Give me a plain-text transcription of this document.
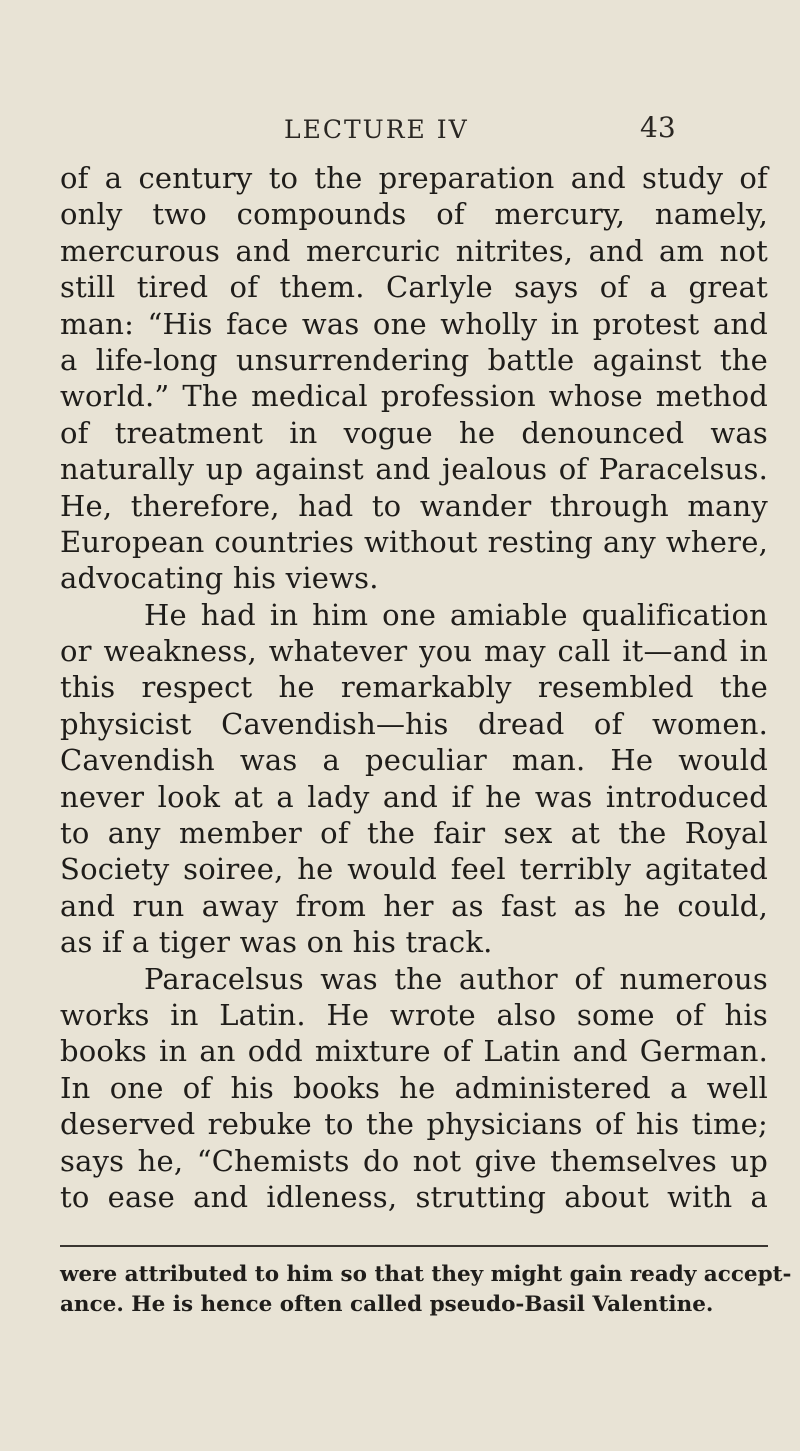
LECTURE IV	43
of a century to the preparation and study of
only two compounds of mercury, namely,
mercurous and mercuric nitrites, and am not
still tired of them. Carlyle says of a great
man: “His face was one wholly in protest and
a life-long unsurrendering battle against the
world.” The medical profession whose method
of treatment in vogue he denounced was
naturally up against and jealous of Paracelsus.
He, therefore, had to wander through many
European countries without resting any where,
advocating his views.
He had in him one amiable qualification
or weakness, whatever you may call it—and in
this respect he remarkably resembled the
physicist Cavendish—his dread of women.
Cavendish was a peculiar man. He would
never look at a lady and if he was introduced
to any member of the fair sex at the Royal
Society soiree, he would feel terribly agitated
and run away from her as fast as he could,
as if a tiger was on his track.
Paracelsus was the author of numerous
works in Latin. He wrote also some of his
books in an odd mixture of Latin and German.
In one of his books he administered a well
deserved rebuke to the physicians of his time;
says he, “Chemists do not give themselves up
to ease and idleness, strutting about with a
were attributed to him so that they might gain ready accept-
ance. He is hence often called pseudo-Basil Valentine.
